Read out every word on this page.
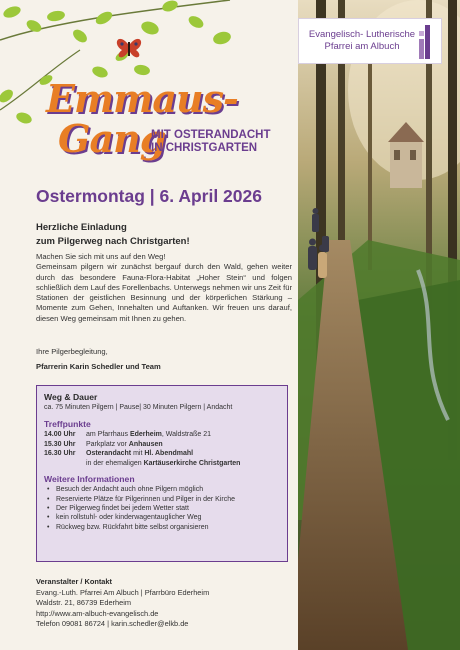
Evangelisch- Lutherische
Pfarrei am Albuch
Emmaus-
Gang
MIT OSTERANDACHT
IN CHRISTGARTEN
Ostermontag | 6. April 2026
Herzliche Einladung
zum Pilgerweg nach Christgarten!
Machen Sie sich mit uns auf den Weg!
Gemeinsam pilgern wir zunächst bergauf durch den Wald, gehen weiter durch das besondere Fauna-Flora-Habitat „Hoher Stein“ und folgen schließlich dem Lauf des Forellenbachs. Unterwegs nehmen wir uns Zeit für Stationen der geistlichen Besinnung und der körperlichen Stärkung – Momente zum Gehen, Innehalten und Auftanken. Wir freuen uns darauf, diesen Weg gemeinsam mit Ihnen zu gehen.
Ihre Pilgerbegleitung,
Pfarrerin Karin Schedler und Team
Weg & Dauer
ca. 75 Minuten Pilgern | Pause| 30 Minuten Pilgern | Andacht
Treffpunkte
14.00 Uhr	am Pfarrhaus Ederheim, Waldstraße 21
15.30 Uhr	Parkplatz vor Anhausen
16.30 Uhr	Osterandacht mit Hl. Abendmahl
in der ehemaligen Kartäuserkirche Christgarten
Weitere Informationen
• Besuch der Andacht auch ohne Pilgern möglich
• Reservierte Plätze für Pilgerinnen und Pilger in der Kirche
• Der Pilgerweg findet bei jedem Wetter statt
• kein rollstuhl- oder kinderwagentauglicher Weg
• Rückweg bzw. Rückfahrt bitte selbst organisieren
Veranstalter / Kontakt
Evang.-Luth. Pfarrei Am Albuch | Pfarrbüro Ederheim
Waldstr. 21, 86739 Ederheim
http://www.am-albuch-evangelisch.de
Telefon 09081 86724 | karin.schedler@elkb.de
